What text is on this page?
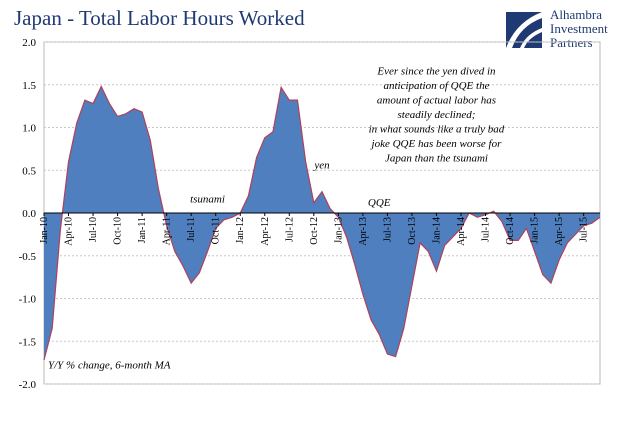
Japan - Total Labor Hours Worked	Alhambra
Investment
Partners
2.0
1.5
1.0
0.5
0.0
-0.5
-1.0
-1.5
-2.0
Jan-10 Apr-10 Jul-10 Oct-10 Jan-11 Apr-11 Jul-11 Oct-11 Jan-12 Apr-12 Jul-12 Oct-12 Jan-13 Apr-13 Jul-13 Oct-13 Jan-14 Apr-14 Jul-14 Oct-14 Jan-15 Apr-15 Jul-15
Ever since the yen dived in
anticipation of QQE the
amount of actual labor has
steadily declined;
in what sounds like a truly bad
joke QQE has been worse for
Japan than the tsunami
tsunami
yen
QQE
Y/Y % change, 6-month MA
